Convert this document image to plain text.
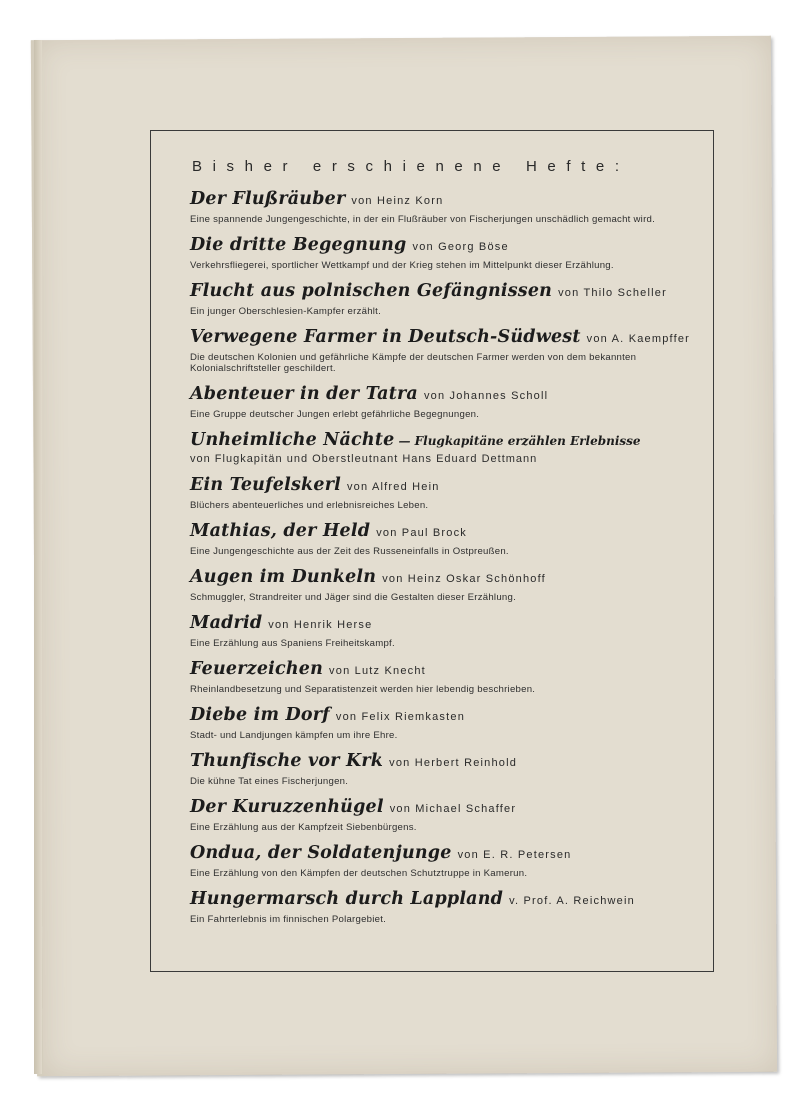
Bisher erschienene Hefte:
Der Flußräuber von Heinz Korn
Eine spannende Jungengeschichte, in der ein Flußräuber von Fischerjungen unschädlich gemacht wird.
Die dritte Begegnung von Georg Böse
Verkehrsfliegerei, sportlicher Wettkampf und der Krieg stehen im Mittelpunkt dieser Erzählung.
Flucht aus polnischen Gefängnissen von Thilo Scheller
Ein junger Oberschlesien-Kampfer erzählt.
Verwegene Farmer in Deutsch-Südwest von A. Kaempffer
Die deutschen Kolonien und gefährliche Kämpfe der deutschen Farmer werden von dem bekannten Kolonialschriftsteller geschildert.
Abenteuer in der Tatra von Johannes Scholl
Eine Gruppe deutscher Jungen erlebt gefährliche Begegnungen.
Unheimliche Nächte — Flugkapitäne erzählen Erlebnisse
von Flugkapitän und Oberstleutnant Hans Eduard Dettmann
Ein Teufelskerl von Alfred Hein
Blüchers abenteuerliches und erlebnisreiches Leben.
Mathias, der Held von Paul Brock
Eine Jungengeschichte aus der Zeit des Russeneinfalls in Ostpreußen.
Augen im Dunkeln von Heinz Oskar Schönhoff
Schmuggler, Strandreiter und Jäger sind die Gestalten dieser Erzählung.
Madrid von Henrik Herse
Eine Erzählung aus Spaniens Freiheitskampf.
Feuerzeichen von Lutz Knecht
Rheinlandbesetzung und Separatistenzeit werden hier lebendig beschrieben.
Diebe im Dorf von Felix Riemkasten
Stadt- und Landjungen kämpfen um ihre Ehre.
Thunfische vor Krk von Herbert Reinhold
Die kühne Tat eines Fischerjungen.
Der Kuruzzenhügel von Michael Schaffer
Eine Erzählung aus der Kampfzeit Siebenbürgens.
Ondua, der Soldatenjunge von E. R. Petersen
Eine Erzählung von den Kämpfen der deutschen Schutztruppe in Kamerun.
Hungermarsch durch Lappland v. Prof. A. Reichwein
Ein Fahrterlebnis im finnischen Polargebiet.
